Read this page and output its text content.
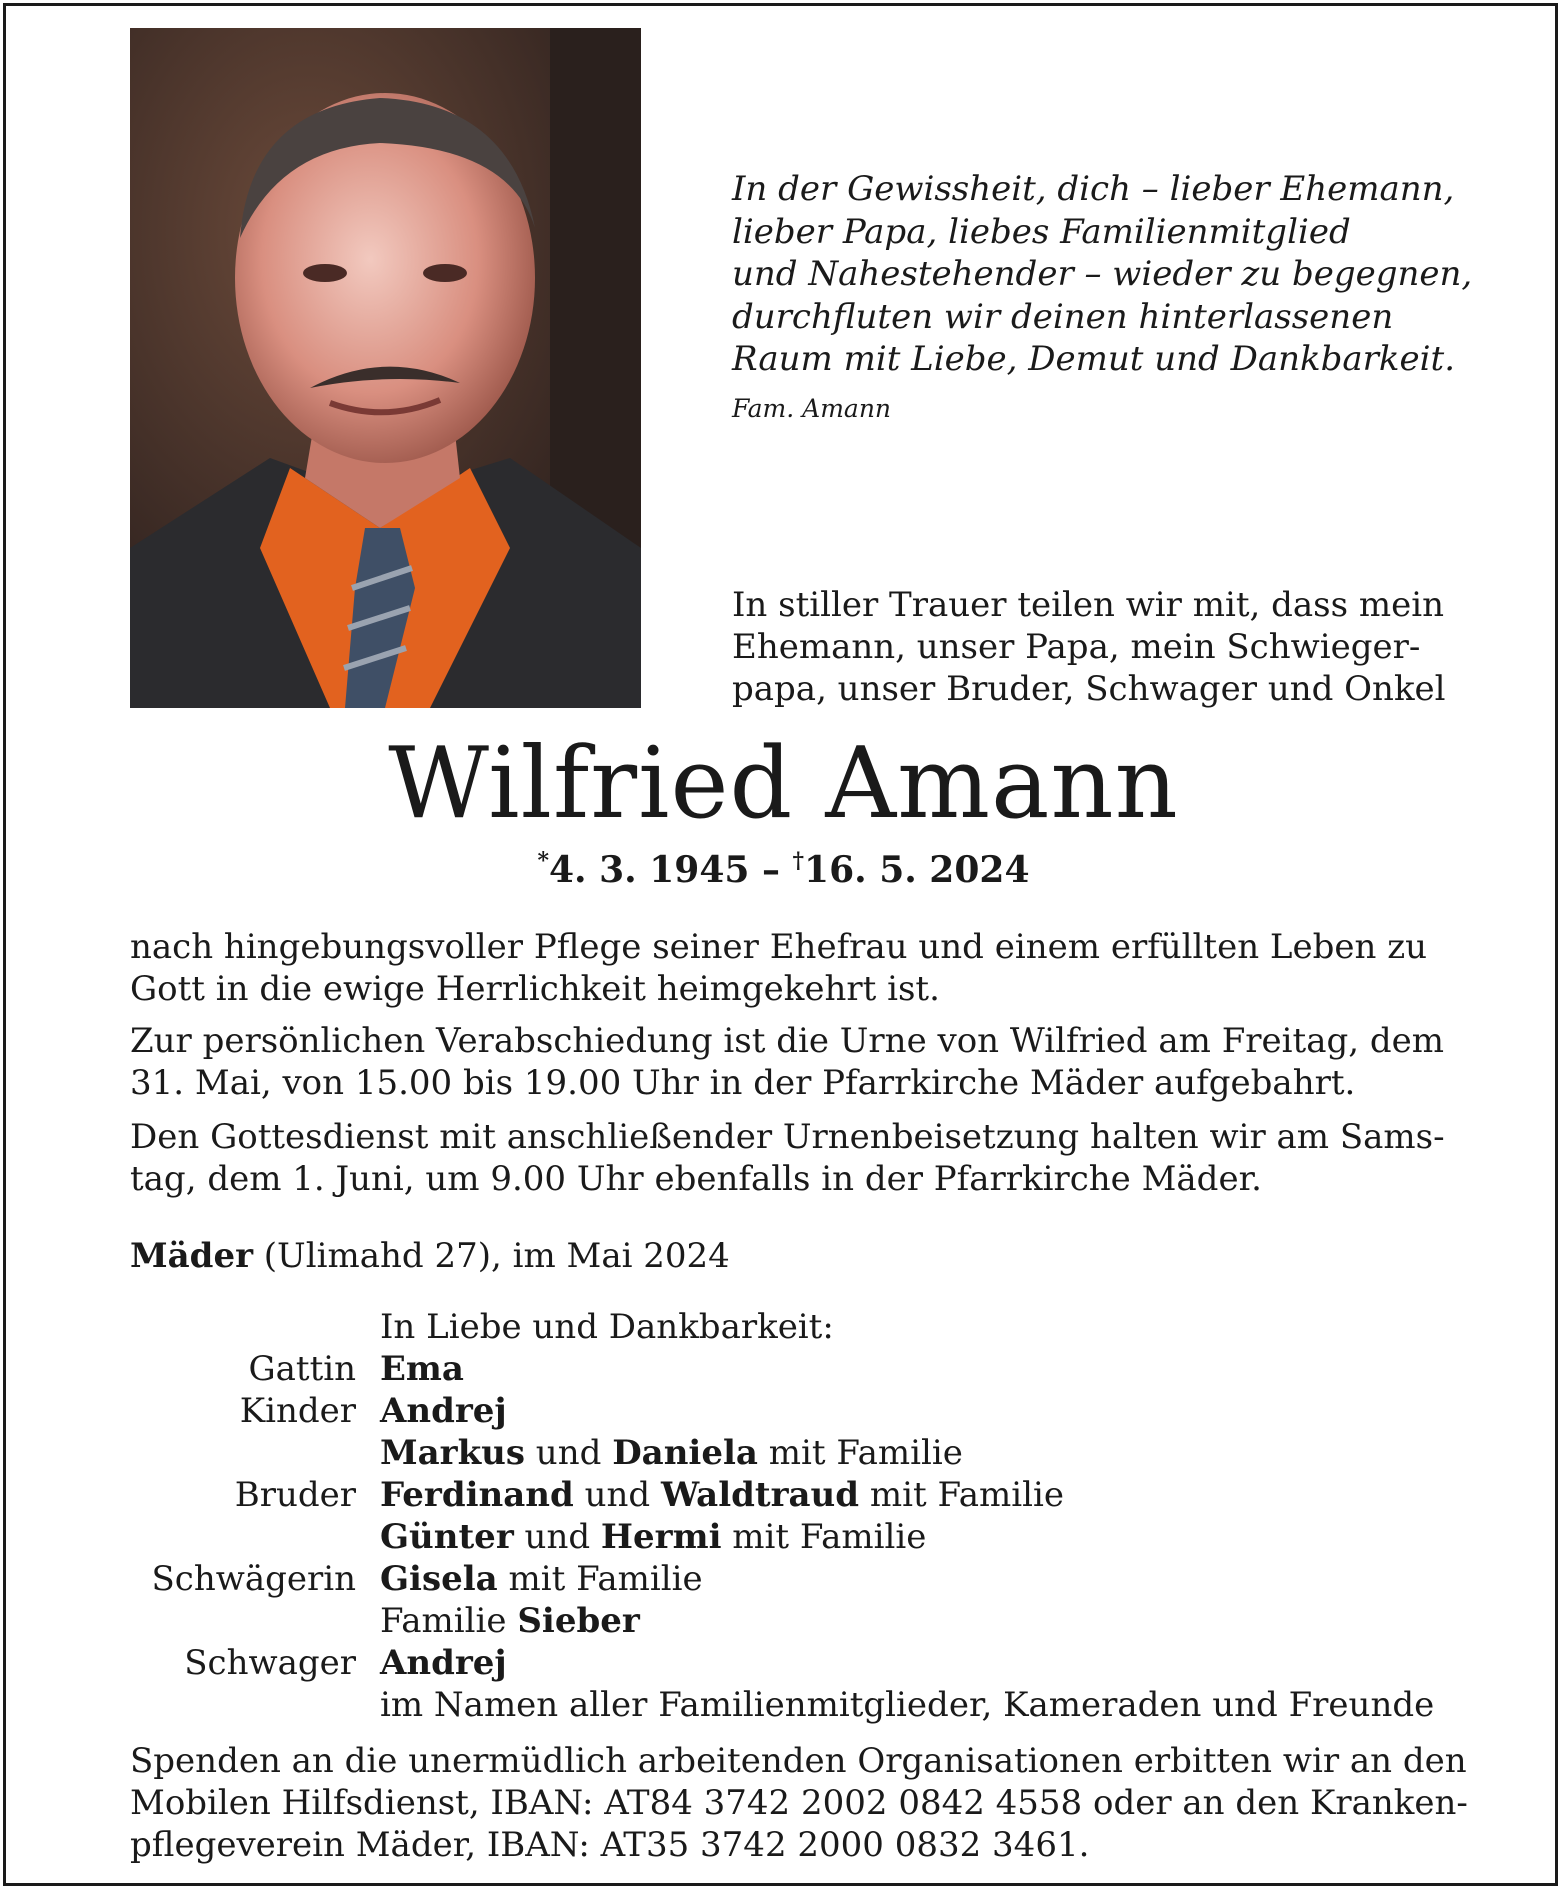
In der Gewissheit, dich – lieber Ehemann,
lieber Papa, liebes Familienmitglied
und Nahestehender – wieder zu begegnen,
durchfluten wir deinen hinterlassenen
Raum mit Liebe, Demut und Dankbarkeit.
Fam. Amann
In stiller Trauer teilen wir mit, dass mein
Ehemann, unser Papa, mein Schwieger-
papa, unser Bruder, Schwager und Onkel
Wilfried Amann
*4. 3. 1945 – †16. 5. 2024
nach hingebungsvoller Pflege seiner Ehefrau und einem erfüllten Leben zu
Gott in die ewige Herrlichkeit heimgekehrt ist.
Zur persönlichen Verabschiedung ist die Urne von Wilfried am Freitag, dem
31. Mai, von 15.00 bis 19.00 Uhr in der Pfarrkirche Mäder aufgebahrt.
Den Gottesdienst mit anschließender Urnenbeisetzung halten wir am Sams-
tag, dem 1. Juni, um 9.00 Uhr ebenfalls in der Pfarrkirche Mäder.
Mäder (Ulimahd 27), im Mai 2024
In Liebe und Dankbarkeit:
Gattin Ema
Kinder Andrej
Markus und Daniela mit Familie
Bruder Ferdinand und Waldtraud mit Familie
Günter und Hermi mit Familie
Schwägerin Gisela mit Familie
Familie Sieber
Schwager Andrej
im Namen aller Familienmitglieder, Kameraden und Freunde
Spenden an die unermüdlich arbeitenden Organisationen erbitten wir an den
Mobilen Hilfsdienst, IBAN: AT84 3742 2002 0842 4558 oder an den Kranken-
pflegeverein Mäder, IBAN: AT35 3742 2000 0832 3461.
